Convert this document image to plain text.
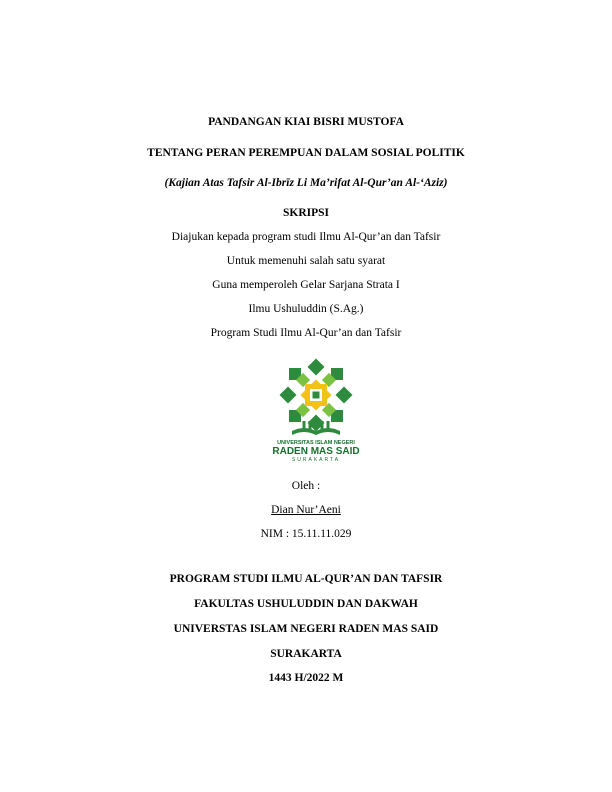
PANDANGAN KIAI BISRI MUSTOFA
TENTANG PERAN PEREMPUAN DALAM SOSIAL POLITIK
(Kajian Atas Tafsir Al-Ibrīz Li Ma’rifat Al-Qur’an Al-‘Aziz)
SKRIPSI
Diajukan kepada program studi Ilmu Al-Qur’an dan Tafsir
Untuk memenuhi salah satu syarat
Guna memperoleh Gelar Sarjana Strata I
Ilmu Ushuluddin (S.Ag.)
Program Studi Ilmu Al-Qur’an dan Tafsir
UNIVERSITAS ISLAM NEGERI
RADEN MAS SAID
SURAKARTA
Oleh :
Dian Nur’Aeni
NIM : 15.11.11.029
PROGRAM STUDI ILMU AL-QUR’AN DAN TAFSIR
FAKULTAS USHULUDDIN DAN DAKWAH
UNIVERSTAS ISLAM NEGERI RADEN MAS SAID
SURAKARTA
1443 H/2022 M
